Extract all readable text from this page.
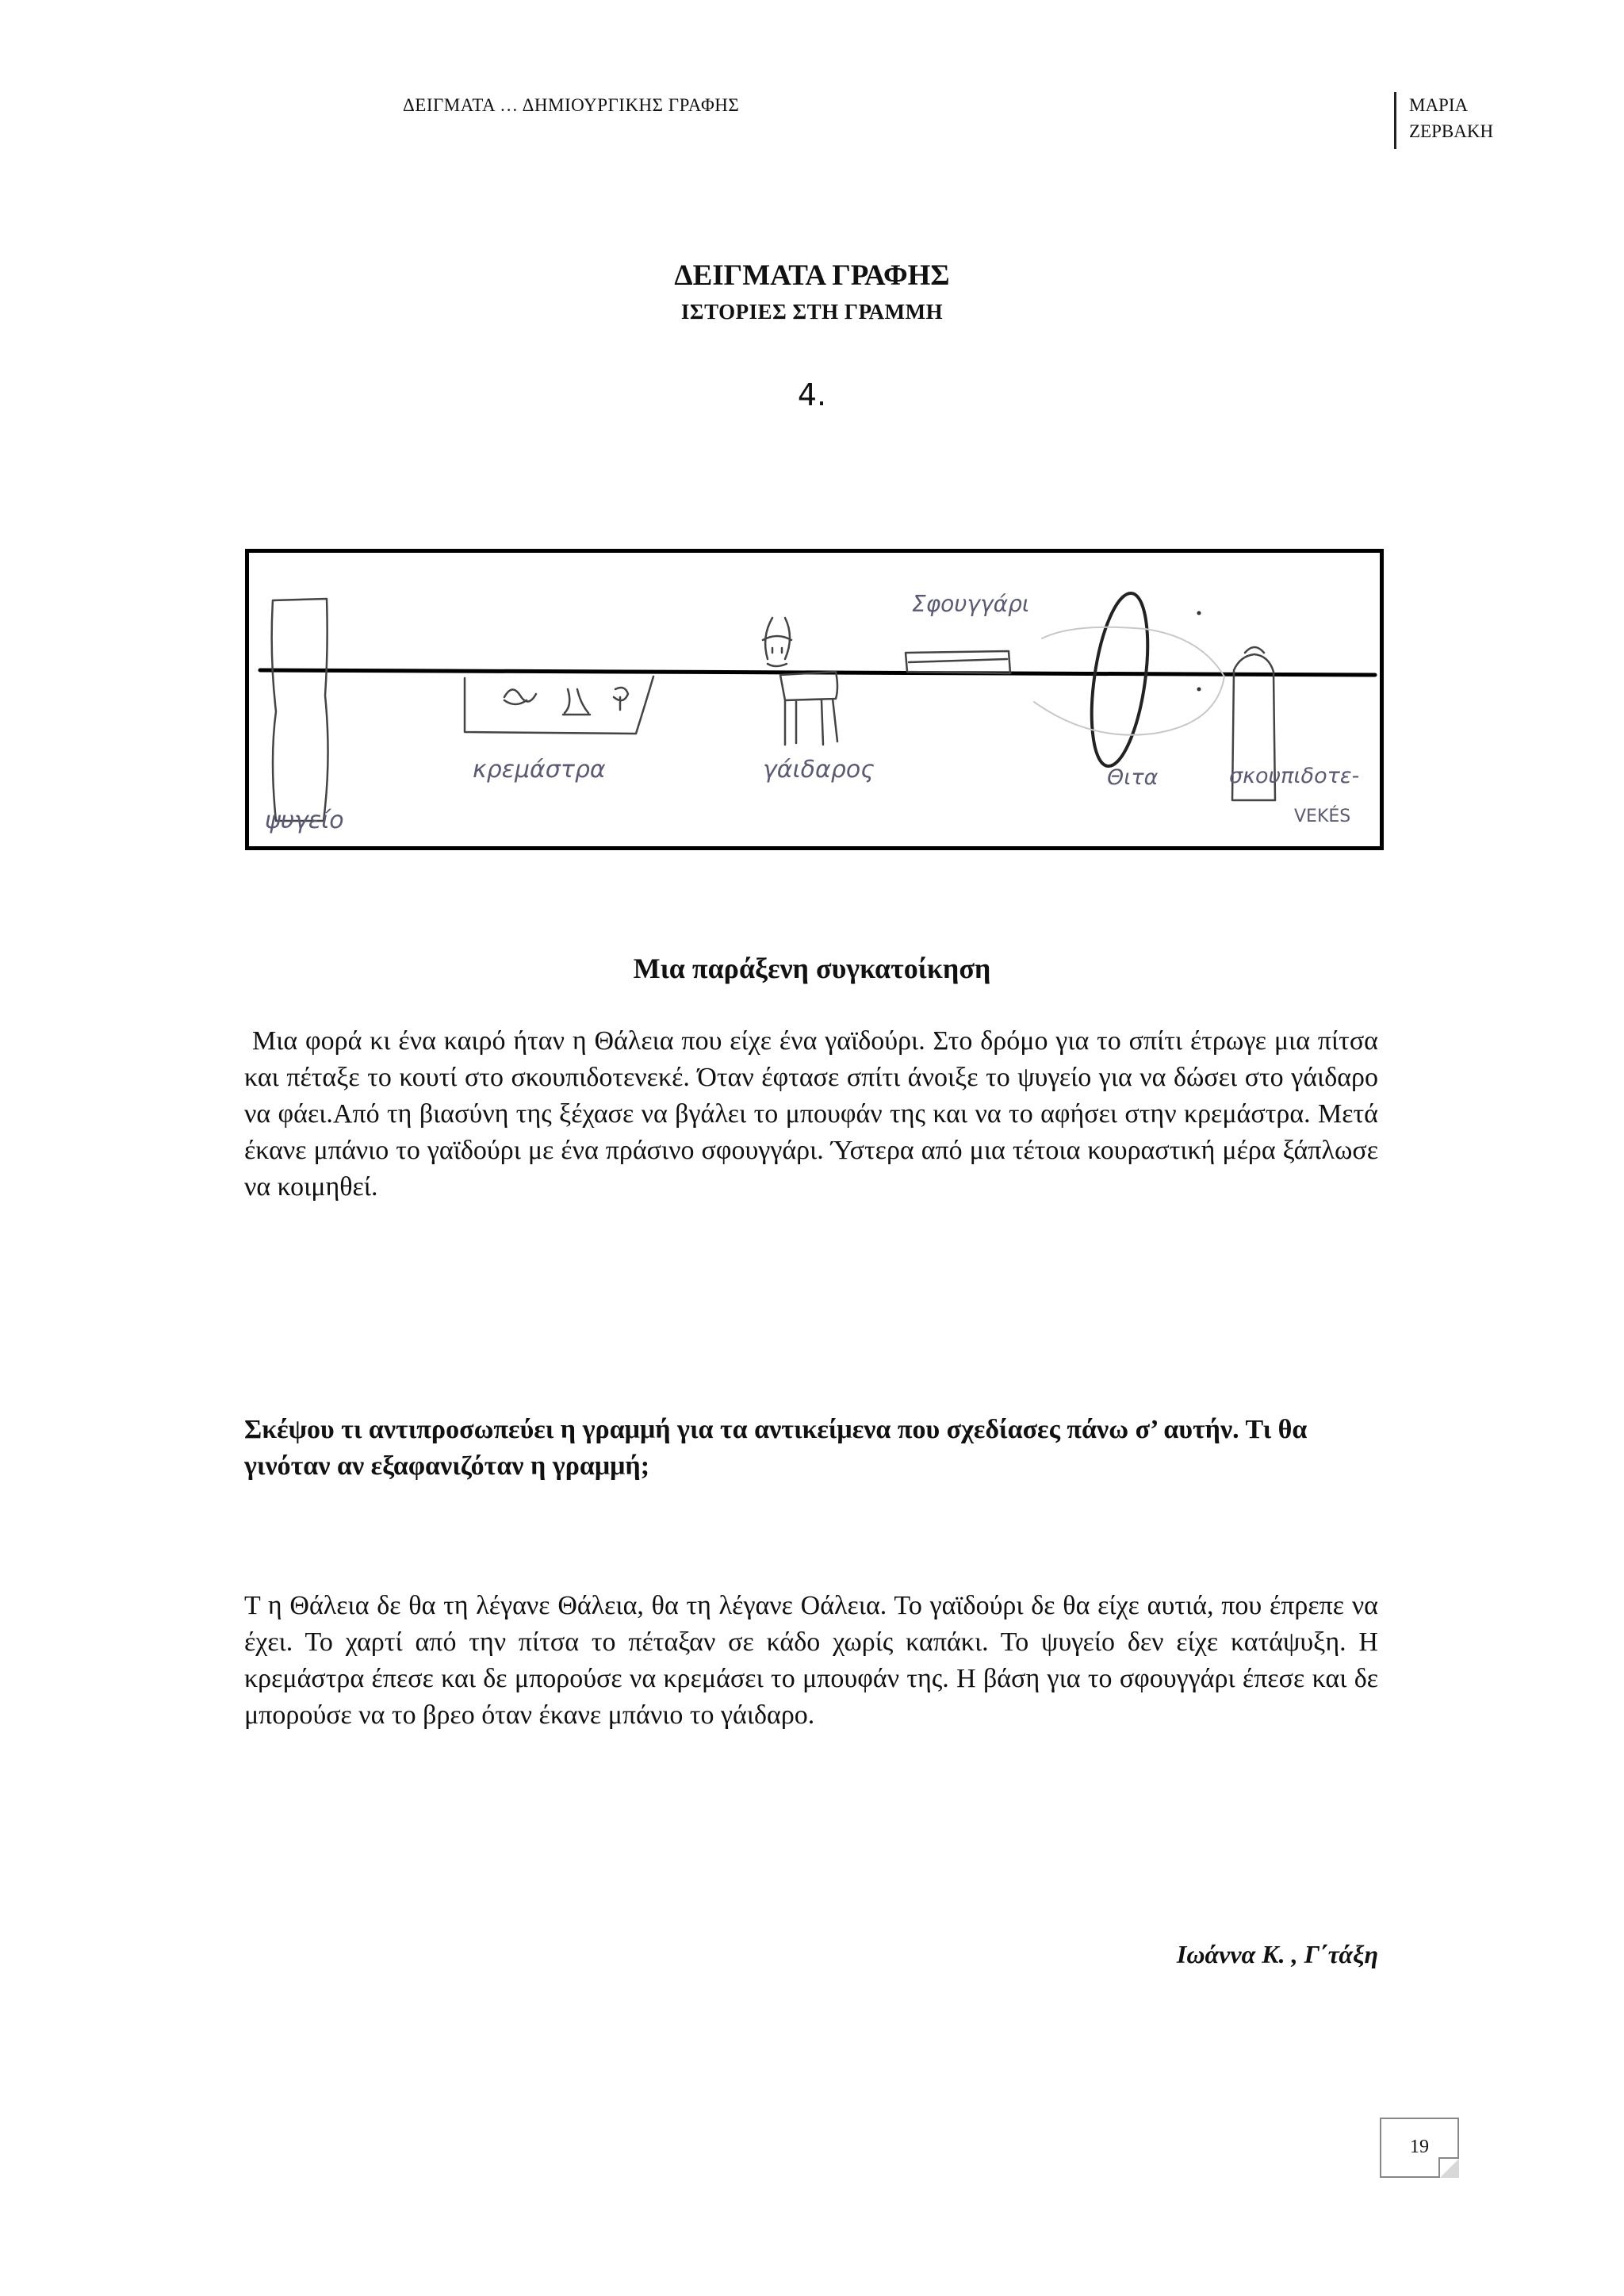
ΔΕΙΓΜΑΤΑ … ΔΗΜΙΟΥΡΓΙΚΗΣ ΓΡΑΦΗΣ	ΜΑΡΙΑ
ΖΕΡΒΑΚΗ
ΔΕΙΓΜΑΤΑ ΓΡΑΦΗΣ
ΙΣΤΟΡΙΕΣ ΣΤΗ ΓΡΑΜΜΗ
4.
ψυγείο
κρεμάστρα	γάιδαρος
Σφουγγάρι
Θιτα	σκουπιδοτε-
VEKÉS
Μια παράξενη συγκατοίκηση
Μια φορά κι ένα καιρό ήταν η Θάλεια που είχε ένα γαϊδούρι. Στο δρόμο για το σπίτι έτρωγε μια πίτσα και πέταξε το κουτί στο σκουπιδοτενεκέ. Όταν έφτασε σπίτι άνοιξε το ψυγείο για να δώσει στο γάιδαρο να φάει.Από τη βιασύνη της ξέχασε να βγάλει το μπουφάν της και να το αφήσει στην κρεμάστρα. Μετά έκανε μπάνιο το γαϊδούρι με ένα πράσινο σφουγγάρι. Ύστερα από μια τέτοια κουραστική μέρα ξάπλωσε να κοιμηθεί.
Σκέψου τι αντιπροσωπεύει η γραμμή για τα αντικείμενα που σχεδίασες πάνω σ’ αυτήν. Τι θα γινόταν αν εξαφανιζόταν η γραμμή;
Τ η Θάλεια δε θα τη λέγανε Θάλεια, θα τη λέγανε Οάλεια. Το γαϊδούρι δε θα είχε αυτιά, που έπρεπε να έχει. Το χαρτί από την πίτσα το πέταξαν σε κάδο χωρίς καπάκι. Το ψυγείο δεν είχε κατάψυξη. Η κρεμάστρα έπεσε και δε μπορούσε να κρεμάσει το μπουφάν της. Η βάση για το σφουγγάρι έπεσε και δε μπορούσε να το βρεο όταν έκανε μπάνιο το γάιδαρο.
Ιωάννα Κ. , Γ΄τάξη
19
